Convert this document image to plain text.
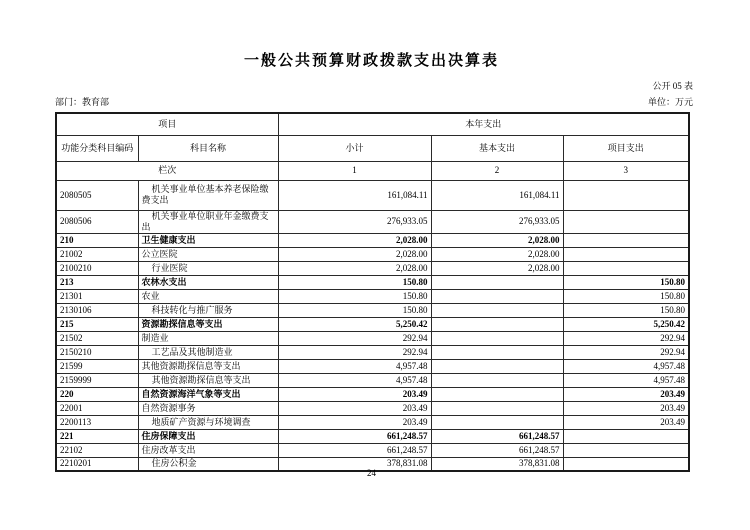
一般公共预算财政拨款支出决算表
公开 05 表
部门：教育部	单位：万元
项目		本年支出		
功能分类科目编码	科目名称	小计	基本支出	项目支出
栏次		1	2	3
2080505	机关事业单位基本养老保险缴费支出	161,084.11	161,084.11	
2080506	机关事业单位职业年金缴费支出	276,933.05	276,933.05	
210	卫生健康支出	2,028.00	2,028.00	
21002	公立医院	2,028.00	2,028.00	
2100210	行业医院	2,028.00	2,028.00	
213	农林水支出	150.80		150.80
21301	农业	150.80		150.80
2130106	科技转化与推广服务	150.80		150.80
215	资源勘探信息等支出	5,250.42		5,250.42
21502	制造业	292.94		292.94
2150210	工艺品及其他制造业	292.94		292.94
21599	其他资源勘探信息等支出	4,957.48		4,957.48
2159999	其他资源勘探信息等支出	4,957.48		4,957.48
220	自然资源海洋气象等支出	203.49		203.49
22001	自然资源事务	203.49		203.49
2200113	地质矿产资源与环境调查	203.49		203.49
221	住房保障支出	661,248.57	661,248.57	
22102	住房改革支出	661,248.57	661,248.57	
2210201	住房公积金	378,831.08	378,831.08	
24
